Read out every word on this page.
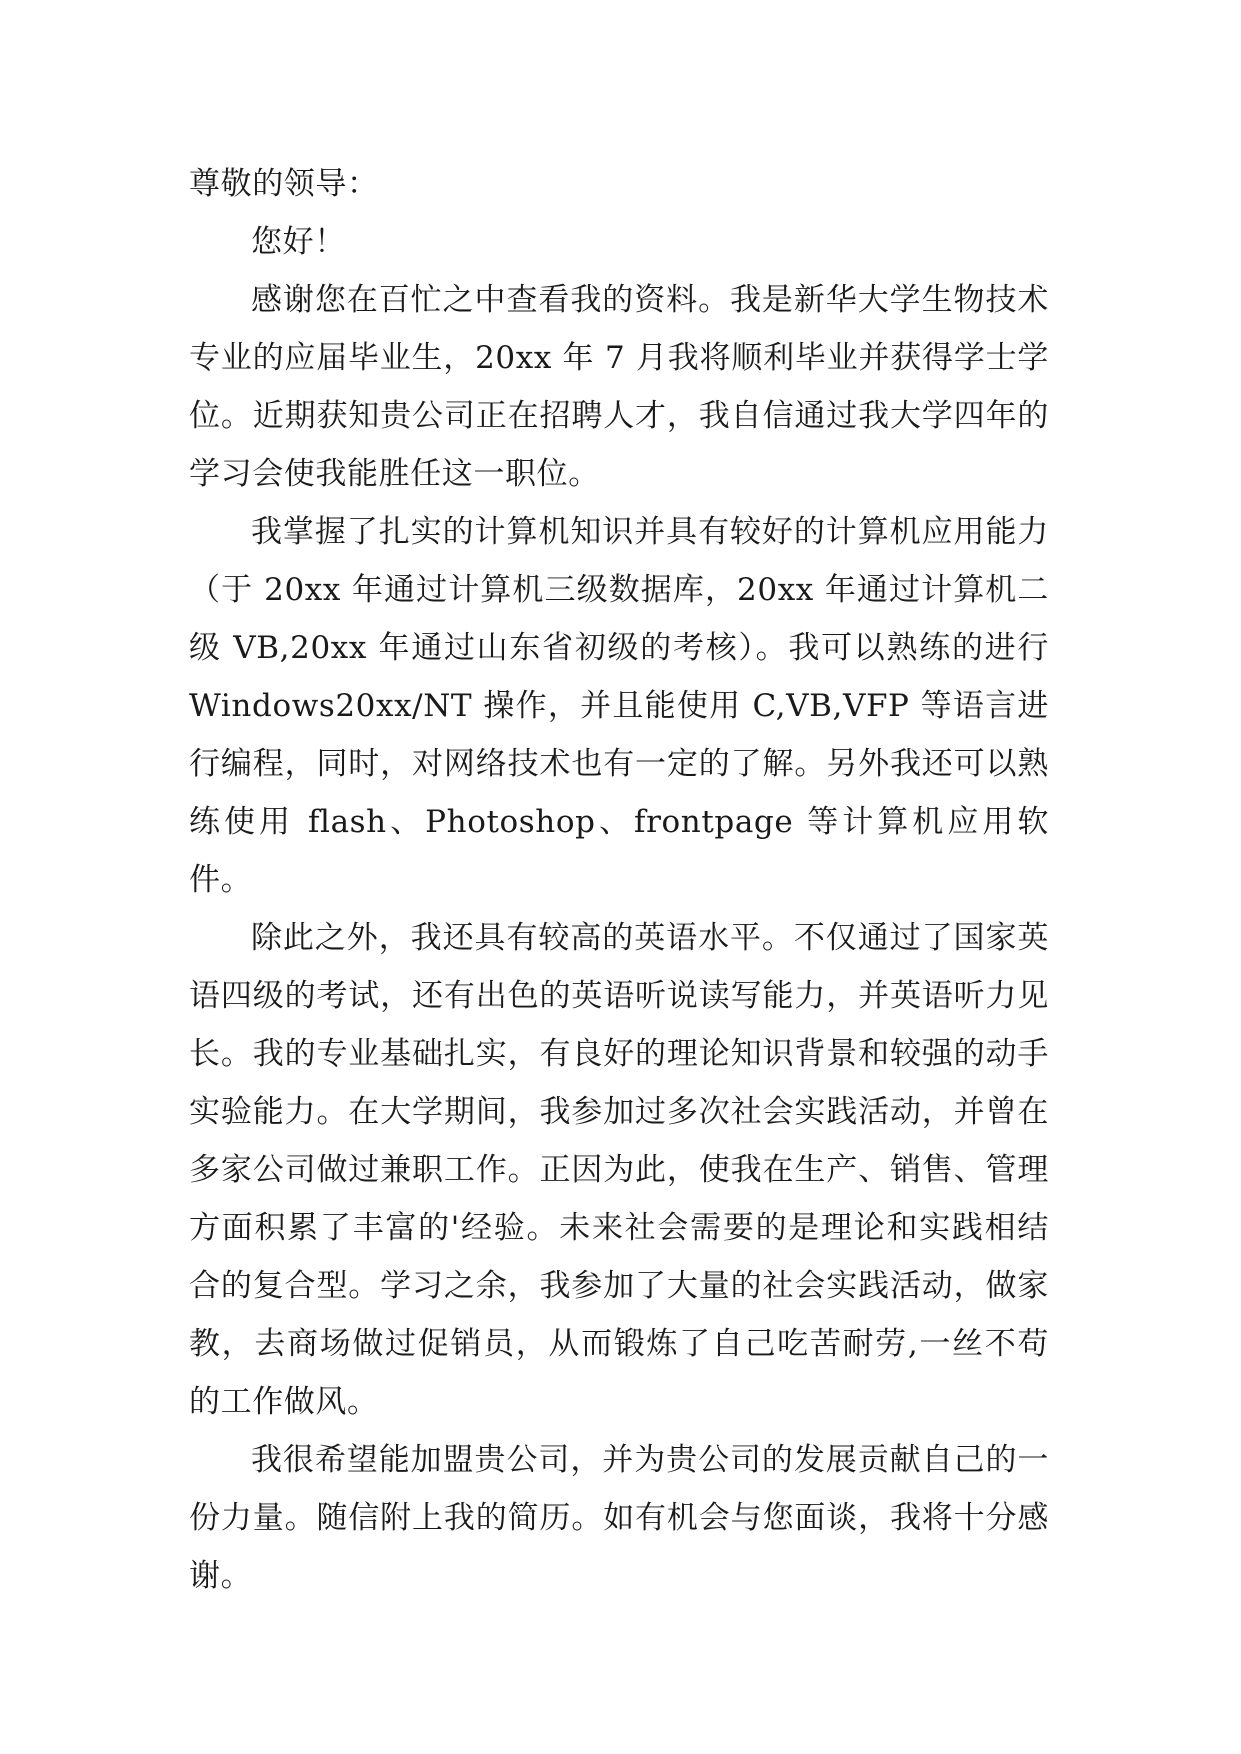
尊敬的领导：

您好！

感谢您在百忙之中查看我的资料。我是新华大学生物技术专业的应届毕业生，20xx 年 7 月我将顺利毕业并获得学士学位。近期获知贵公司正在招聘人才，我自信通过我大学四年的学习会使我能胜任这一职位。

我掌握了扎实的计算机知识并具有较好的计算机应用能力（于 20xx 年通过计算机三级数据库，20xx 年通过计算机二级 VB,20xx 年通过山东省初级的考核）。我可以熟练的进行 Windows20xx/NT 操作，并且能使用 C,VB,VFP 等语言进行编程，同时，对网络技术也有一定的了解。另外我还可以熟练使用 flash、Photoshop、frontpage 等计算机应用软件。

除此之外，我还具有较高的英语水平。不仅通过了国家英语四级的考试，还有出色的英语听说读写能力，并英语听力见长。我的专业基础扎实，有良好的理论知识背景和较强的动手实验能力。在大学期间，我参加过多次社会实践活动，并曾在多家公司做过兼职工作。正因为此，使我在生产、销售、管理方面积累了丰富的'经验。未来社会需要的是理论和实践相结合的复合型。学习之余，我参加了大量的社会实践活动，做家教，去商场做过促销员，从而锻炼了自己吃苦耐劳,一丝不苟的工作做风。

我很希望能加盟贵公司，并为贵公司的发展贡献自己的一份力量。随信附上我的简历。如有机会与您面谈，我将十分感谢。
